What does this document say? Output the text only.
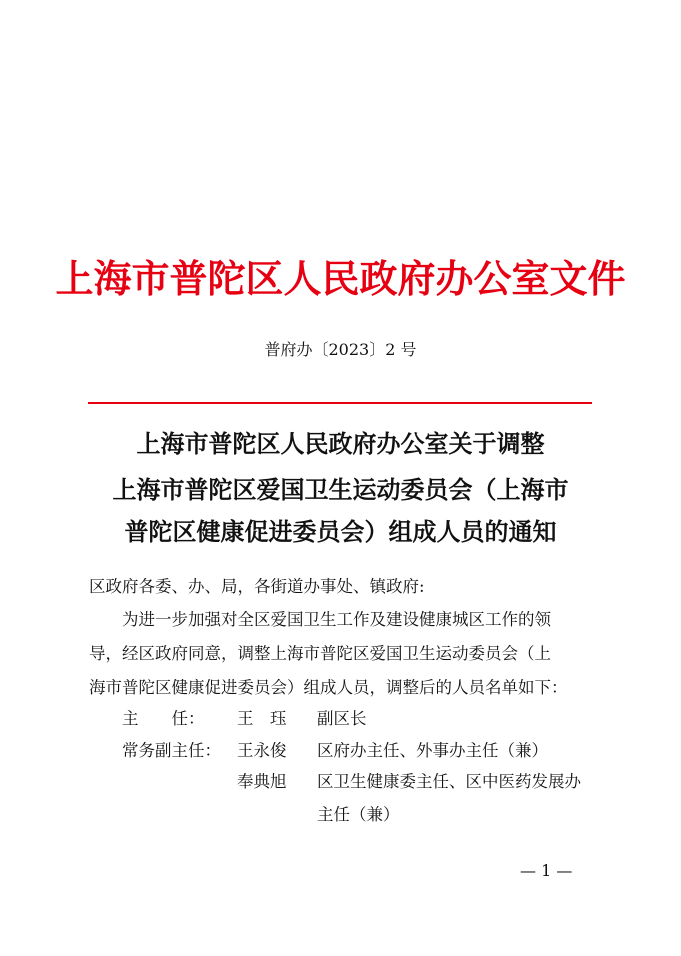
上海市普陀区人民政府办公室文件
普府办〔2023〕2 号
上海市普陀区人民政府办公室关于调整
上海市普陀区爱国卫生运动委员会（上海市
普陀区健康促进委员会）组成人员的通知
区政府各委、办、局，各街道办事处、镇政府:
为进一步加强对全区爱国卫生工作及建设健康城区工作的领
导，经区政府同意，调整上海市普陀区爱国卫生运动委员会（上
海市普陀区健康促进委员会）组成人员，调整后的人员名单如下：
主　　任： 王　珏 副区长
常务副主任： 王永俊 区府办主任、外事办主任（兼）
奉典旭 区卫生健康委主任、区中医药发展办
主任（兼）
— 1 —
